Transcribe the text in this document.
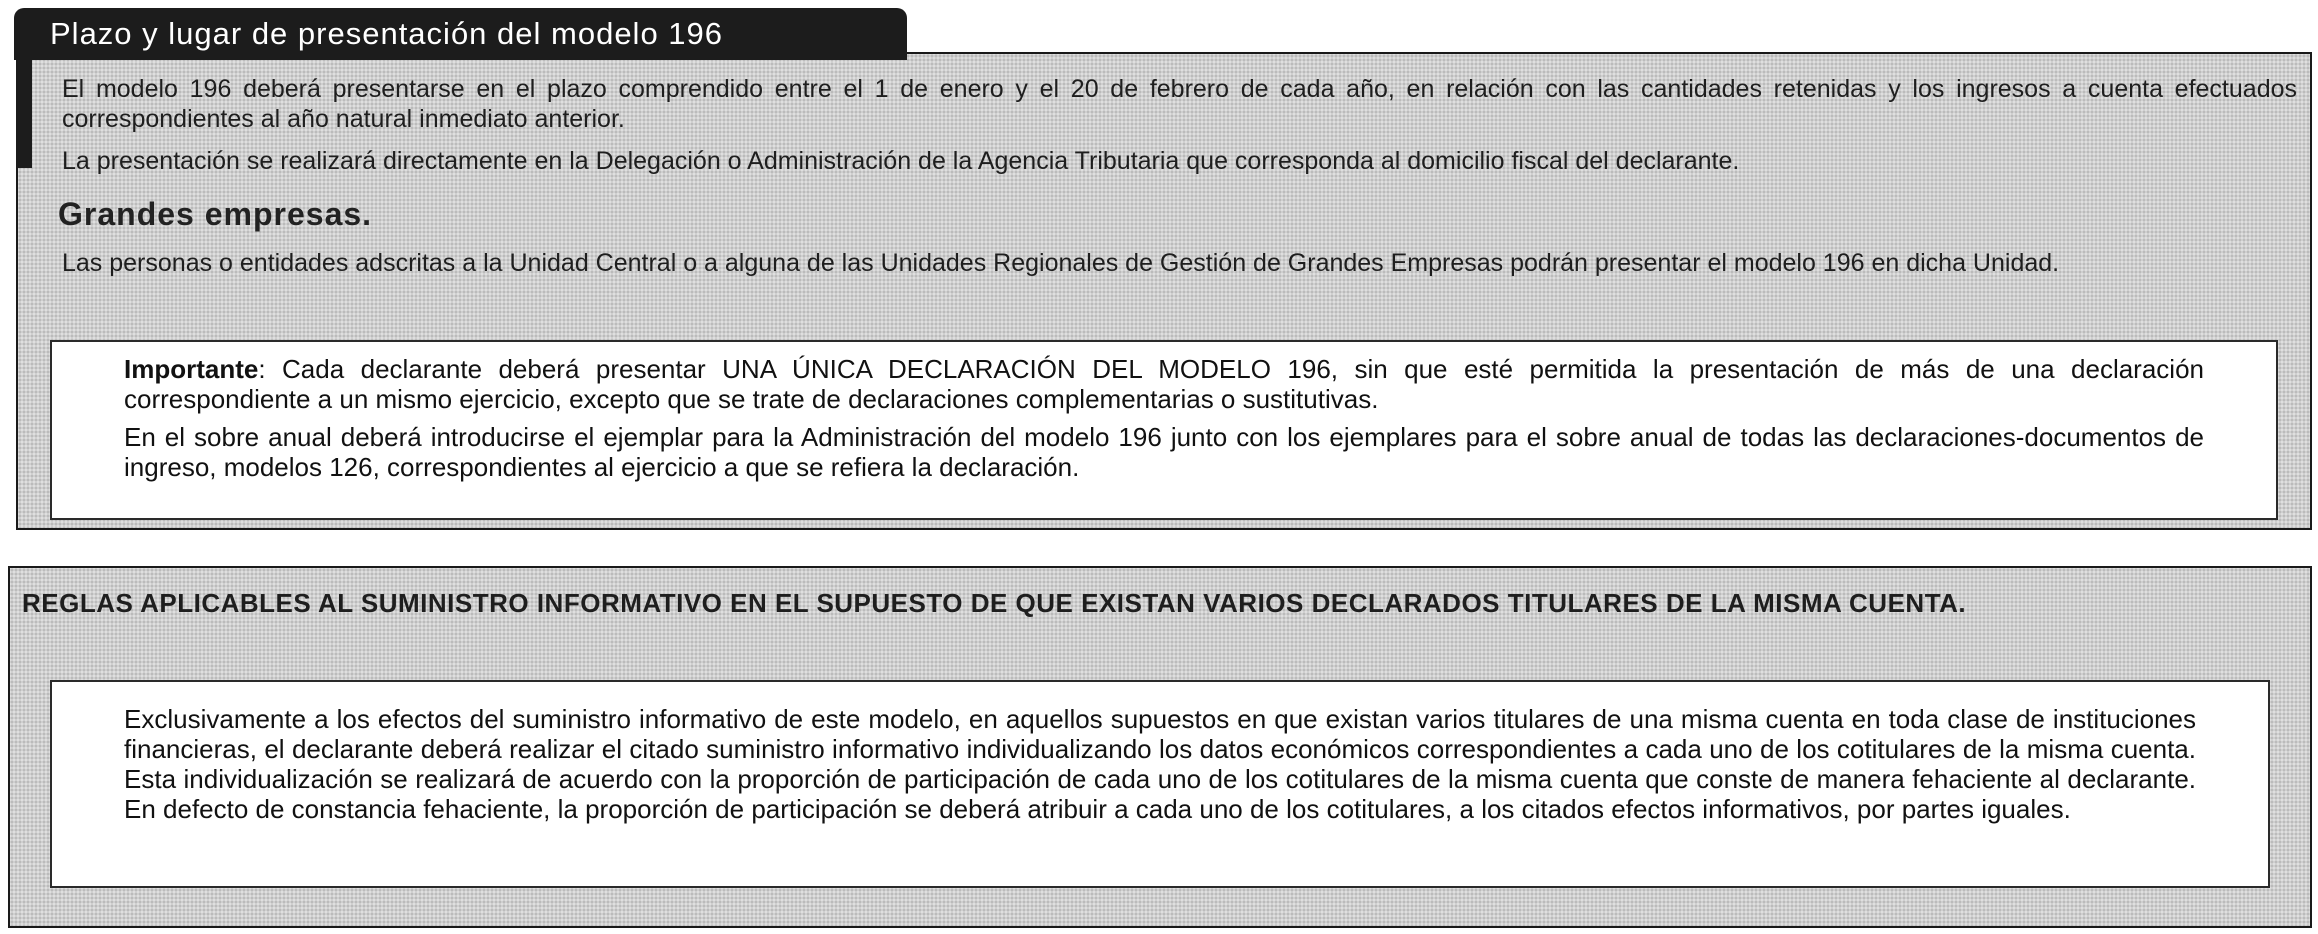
El modelo 196 deberá presentarse en el plazo comprendido entre el 1 de enero y el 20 de febrero de cada año, en relación con las cantidades retenidas y los ingresos a cuenta efectuados correspondientes al año natural inmediato anterior.

La presentación se realizará directamente en la Delegación o Administración de la Agencia Tributaria que corresponda al domicilio fiscal del declarante.

Grandes empresas.

Las personas o entidades adscritas a la Unidad Central o a alguna de las Unidades Regionales de Gestión de Grandes Empresas podrán presentar el modelo 196 en dicha Unidad.

Importante: Cada declarante deberá presentar UNA ÚNICA DECLARACIÓN DEL MODELO 196, sin que esté permitida la presentación de más de una declaración correspondiente a un mismo ejercicio, excepto que se trate de declaraciones complementarias o sustitutivas.

En el sobre anual deberá introducirse el ejemplar para la Administración del modelo 196 junto con los ejemplares para el sobre anual de todas las declaraciones-documentos de ingreso, modelos 126, correspondientes al ejercicio a que se refiera la declaración.

Plazo y lugar de presentación del modelo 196
REGLAS APLICABLES AL SUMINISTRO INFORMATIVO EN EL SUPUESTO DE QUE EXISTAN VARIOS DECLARADOS TITULARES DE LA MISMA CUENTA.

Exclusivamente a los efectos del suministro informativo de este modelo, en aquellos supuestos en que existan varios titulares de una misma cuenta en toda clase de instituciones financieras, el declarante deberá realizar el citado suministro informativo individualizando los datos económicos correspondientes a cada uno de los cotitulares de la misma cuenta. Esta individualización se realizará de acuerdo con la proporción de participación de cada uno de los cotitulares de la misma cuenta que conste de manera fehaciente al declarante. En defecto de constancia fehaciente, la proporción de participación se deberá atribuir a cada uno de los cotitulares, a los citados efectos informativos, por partes iguales.
